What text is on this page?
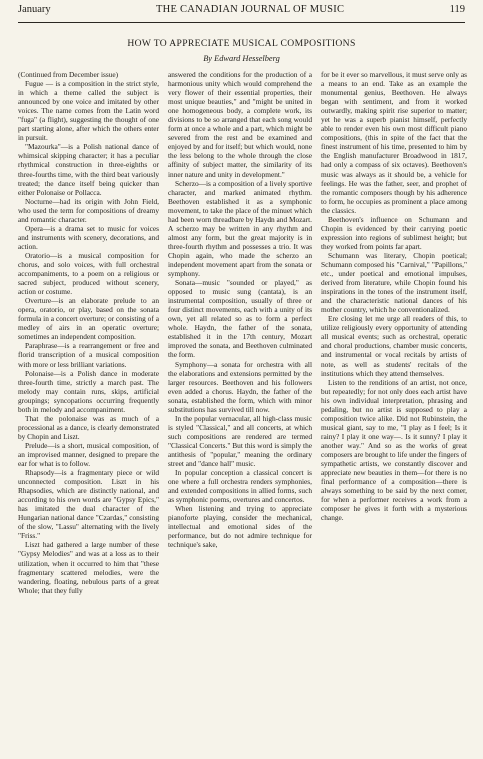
January	THE CANADIAN JOURNAL OF MUSIC	119
HOW TO APPRECIATE MUSICAL COMPOSITIONS
By Edward Hesselberg

(Continued from December issue)

Fugue — is a composition in the strict style, in which a theme called the subject is announced by one voice and imitated by other voices. The name comes from the Latin word "fuga" (a flight), suggesting the thought of one part starting alone, after which the others enter in pursuit.

"Mazourka"—is a Polish national dance of whimsical skipping character; it has a peculiar rhythmical construction in three-eighths or three-fourths time, with the third beat variously treated; the dance itself being quicker than either Polonaise or Pollacca.

Nocturne—had its origin with John Field, who used the term for compositions of dreamy and romantic character.

Opera—is a drama set to music for voices and instruments with scenery, decorations, and action.

Oratorio—is a musical composition for chorus, and solo voices, with full orchestral accompaniments, to a poem on a religious or sacred subject, produced without scenery, action or costume.

Overture—is an elaborate prelude to an opera, oratorio, or play, based on the sonata formula in a concert overture; or consisting of a medley of airs in an operatic overture; sometimes an independent composition.

Paraphrase—is a rearrangement or free and florid transcription of a musical composition with more or less brilliant variations.

Polonaise—is a Polish dance in moderate three-fourth time, strictly a march past. The melody may contain runs, skips, artificial groupings; syncopations occurring frequently both in melody and accompaniment.

That the polonaise was as much of a processional as a dance, is clearly demonstrated by Chopin and Liszt.

Prelude—is a short, musical composition, of an improvised manner, designed to prepare the ear for what is to follow.

Rhapsody—is a fragmentary piece or wild unconnected composition. Liszt in his Rhapsodies, which are distinctly national, and according to his own words are "Gypsy Epics," has imitated the dual character of the Hungarian national dance "Czardas," consisting of the slow, "Lassu" alternating with the lively "Friss."

Liszt had gathered a large number of these "Gypsy Melodies" and was at a loss as to their utilization, when it occurred to him that "these fragmentary scattered melodies, were the wandering, floating, nebulous parts of a great Whole; that they fully

answered the conditions for the production of a harmonious unity which would comprehend the very flower of their essential properties, their most unique beauties," and "might be united in one homogeneous body, a complete work, its divisions to be so arranged that each song would form at once a whole and a part, which might be severed from the rest and be examined and enjoyed by and for itself; but which would, none the less belong to the whole through the close affinity of subject matter, the similarity of its inner nature and unity in development."

Scherzo—is a composition of a lively sportive character, and marked animated rhythm. Beethoven established it as a symphonic movement, to take the place of the minuet which had been worn threadbare by Haydn and Mozart. A scherzo may be written in any rhythm and almost any form, but the great majority is in three-fourth rhythm and possesses a trio. It was Chopin again, who made the scherzo an independent movement apart from the sonata or symphony.

Sonata—music "sounded or played," as opposed to music sung (cantata), is an instrumental composition, usually of three or four distinct movements, each with a unity of its own, yet all related so as to form a perfect whole. Haydn, the father of the sonata, established it in the 17th century, Mozart improved the sonata, and Beethoven culminated the form.

Symphony—a sonata for orchestra with all the elaborations and extensions permitted by the larger resources. Beethoven and his followers even added a chorus. Haydn, the father of the sonata, established the form, which with minor substitutions has survived till now.

In the popular vernacular, all high-class music is styled "Classical," and all concerts, at which such compositions are rendered are termed "Classical Concerts." But this word is simply the antithesis of "popular," meaning the ordinary street and "dance hall" music.

In popular conception a classical concert is one where a full orchestra renders symphonies, and extended compositions in allied forms, such as symphonic poems, overtures and concertos.

When listening and trying to appreciate pianoforte playing, consider the mechanical, intellectual and emotional sides of the performance, but do not admire technique for technique's sake,

for be it ever so marvellous, it must serve only as a means to an end. Take as an example the monumental genius, Beethoven. He always began with sentiment, and from it worked outwardly, making spirit rise superior to matter; yet he was a superb pianist himself, perfectly able to render even his own most difficult piano compositions, (this in spite of the fact that the finest instrument of his time, presented to him by the English manufacturer Broadwood in 1817, had only a compass of six octaves). Beethoven's music was always as it should be, a vehicle for feelings. He was the father, seer, and prophet of the romantic composers though by his adherence to form, he occupies as prominent a place among the classics.

Beethoven's influence on Schumann and Chopin is evidenced by their carrying poetic expression into regions of sublimest height; but they worked from points far apart.

Schumann was literary, Chopin poetical; Schumann composed his "Carnival," "Papillons," etc., under poetical and emotional impulses, derived from literature, while Chopin found his inspirations in the tones of the instrument itself, and the characteristic national dances of his mother country, which he conventionalized.

Ere closing let me urge all readers of this, to utilize religiously every opportunity of attending all musical events; such as orchestral, operatic and choral productions, chamber music concerts, and instrumental or vocal recitals by artists of note, as well as students' recitals of the institutions which they attend themselves.

Listen to the renditions of an artist, not once, but repeatedly; for not only does each artist have his own individual interpretation, phrasing and pedaling, but no artist is supposed to play a composition twice alike. Did not Rubinstein, the musical giant, say to me, "I play as I feel; Is it rainy? I play it one way—. Is it sunny? I play it another way." And so as the works of great composers are brought to life under the fingers of sympathetic artists, we constantly discover and appreciate new beauties in them—for there is no final performance of a composition—there is always something to be said by the next comer, for when a performer receives a work from a composer he gives it forth with a mysterious change.
